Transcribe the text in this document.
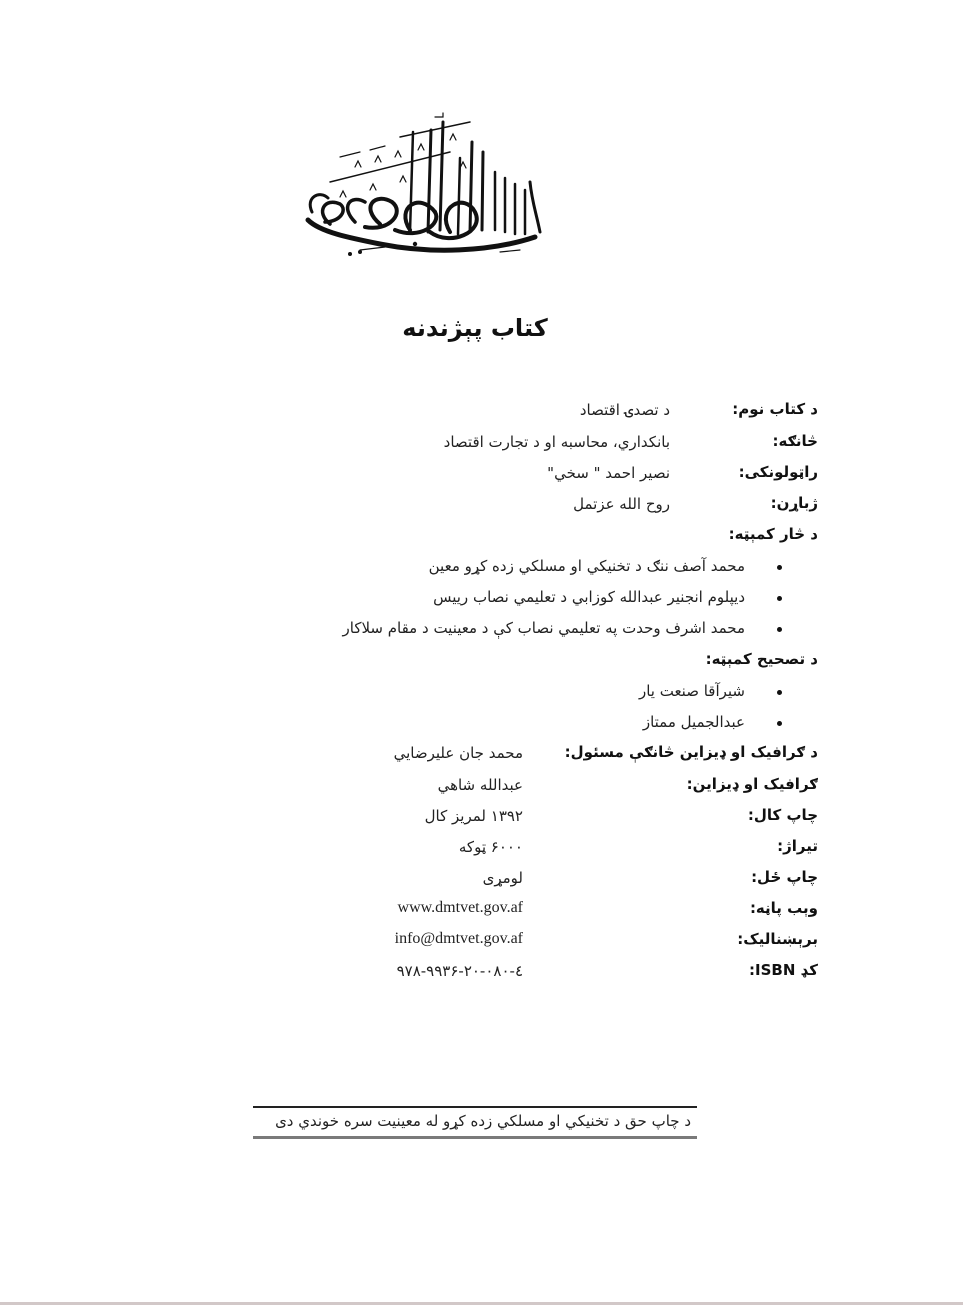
کتاب پېژندنه
د کتاب نوم:
د تصدۍ اقتصاد
څانګه:
بانکداري، محاسبه او د تجارت اقتصاد
راټولونکی:
نصیر احمد " سخي"
ژباړن:
روح الله عزتمل
د څار کمېټه:
محمد آصف ننګ د تخنیکي او مسلکي زده کړو معین
دیپلوم انجنیر عبدالله کوزابي د تعلیمي نصاب رییس
محمد اشرف وحدت په تعلیمي نصاب کې د معینیت د مقام سلاکار
د تصحیح کمېټه:
شیرآقا صنعت یار
عبدالجمیل ممتاز
د ګرافیک او ډیزاین څانګې مسئول:
محمد جان علیرضایي
ګرافیک او ډیزاین:
عبدالله شاهي
چاپ کال:
۱۳۹۲ لمریز کال
تیراژ:
۶۰۰۰ ټوکه
چاپ ځل:
لومړی
وېب پاڼه:
www.dmtvet.gov.af
برېښنالیک:
info@dmtvet.gov.af
کډ ISBN:
۹۷۸-۹۹۳۶-۲۰-۰۸۰-٤
د چاپ حق د تخنیکي او مسلکي زده کړو له معینیت سره خوندي دی
